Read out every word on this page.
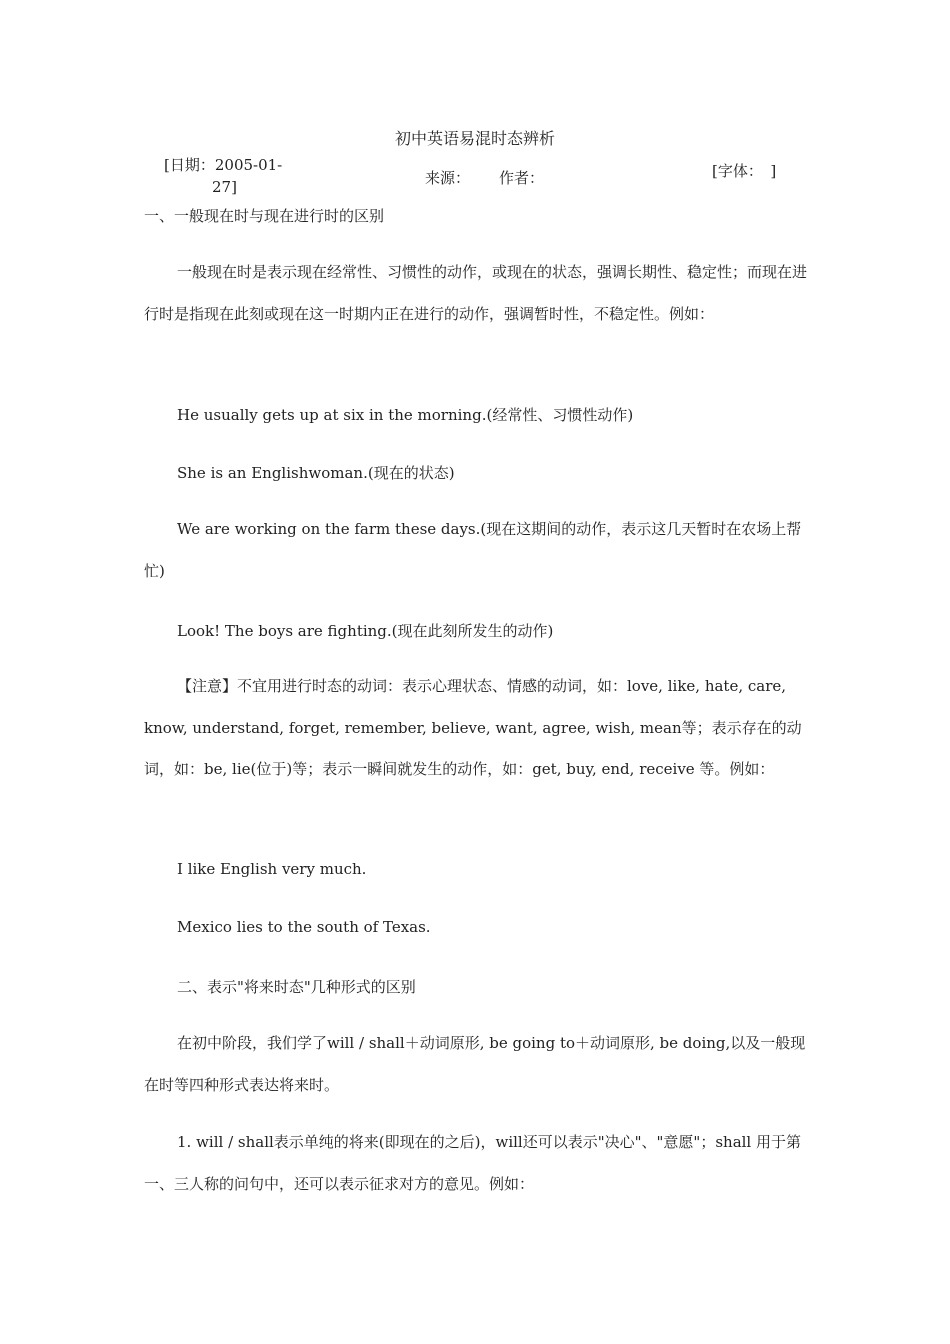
初中英语易混时态辨析
[日期：2005-01-
27]	来源： 作者：	[字体：　]
一、一般现在时与现在进行时的区别
一般现在时是表示现在经常性、习惯性的动作，或现在的状态，强调长期性、稳定性；而现在进行时是指现在此刻或现在这一时期内正在进行的动作，强调暂时性，不稳定性。例如：
He usually gets up at six in the morning.(经常性、习惯性动作)
She is an Englishwoman.(现在的状态)
We are working on the farm these days.(现在这期间的动作，表示这几天暂时在农场上帮忙)
Look! The boys are fighting.(现在此刻所发生的动作)
【注意】不宜用进行时态的动词：表示心理状态、情感的动词，如：love, like, hate, care, know, understand, forget, remember, believe, want, agree, wish, mean等；表示存在的动词，如：be, lie(位于)等；表示一瞬间就发生的动作，如：get, buy, end, receive 等。例如：
I like English very much.
Mexico lies to the south of Texas.
二、表示"将来时态"几种形式的区别
在初中阶段，我们学了will / shall＋动词原形, be going to＋动词原形, be doing,以及一般现在时等四种形式表达将来时。
1. will / shall表示单纯的将来(即现在的之后)，will还可以表示"决心"、"意愿"；shall 用于第一、三人称的问句中，还可以表示征求对方的意见。例如：
